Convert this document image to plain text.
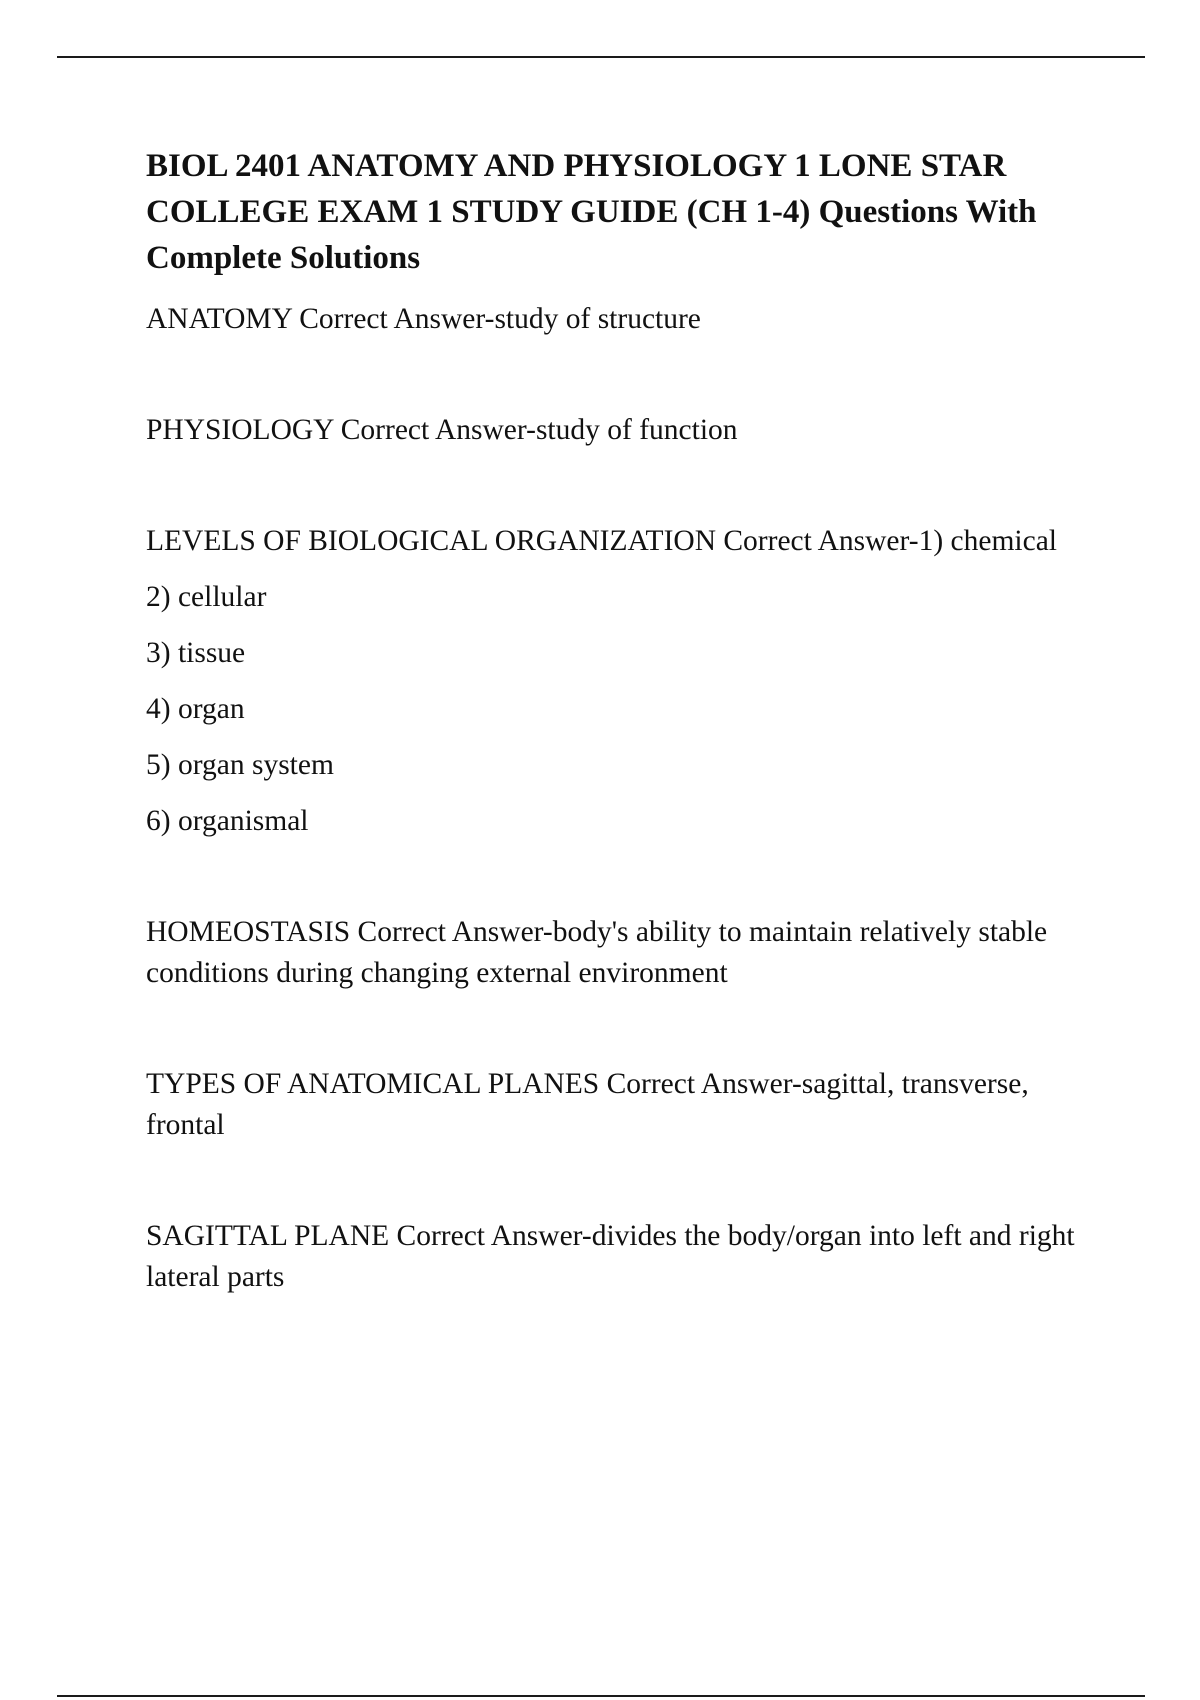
BIOL 2401 ANATOMY AND PHYSIOLOGY 1 LONE STAR COLLEGE EXAM 1 STUDY GUIDE (CH 1-4) Questions With Complete Solutions

ANATOMY Correct Answer-study of structure

PHYSIOLOGY Correct Answer-study of function

LEVELS OF BIOLOGICAL ORGANIZATION Correct Answer-1) chemical

2) cellular

3) tissue

4) organ

5) organ system

6) organismal

HOMEOSTASIS Correct Answer-body's ability to maintain relatively stable conditions during changing external environment

TYPES OF ANATOMICAL PLANES Correct Answer-sagittal, transverse, frontal

SAGITTAL PLANE Correct Answer-divides the body/organ into left and right lateral parts
